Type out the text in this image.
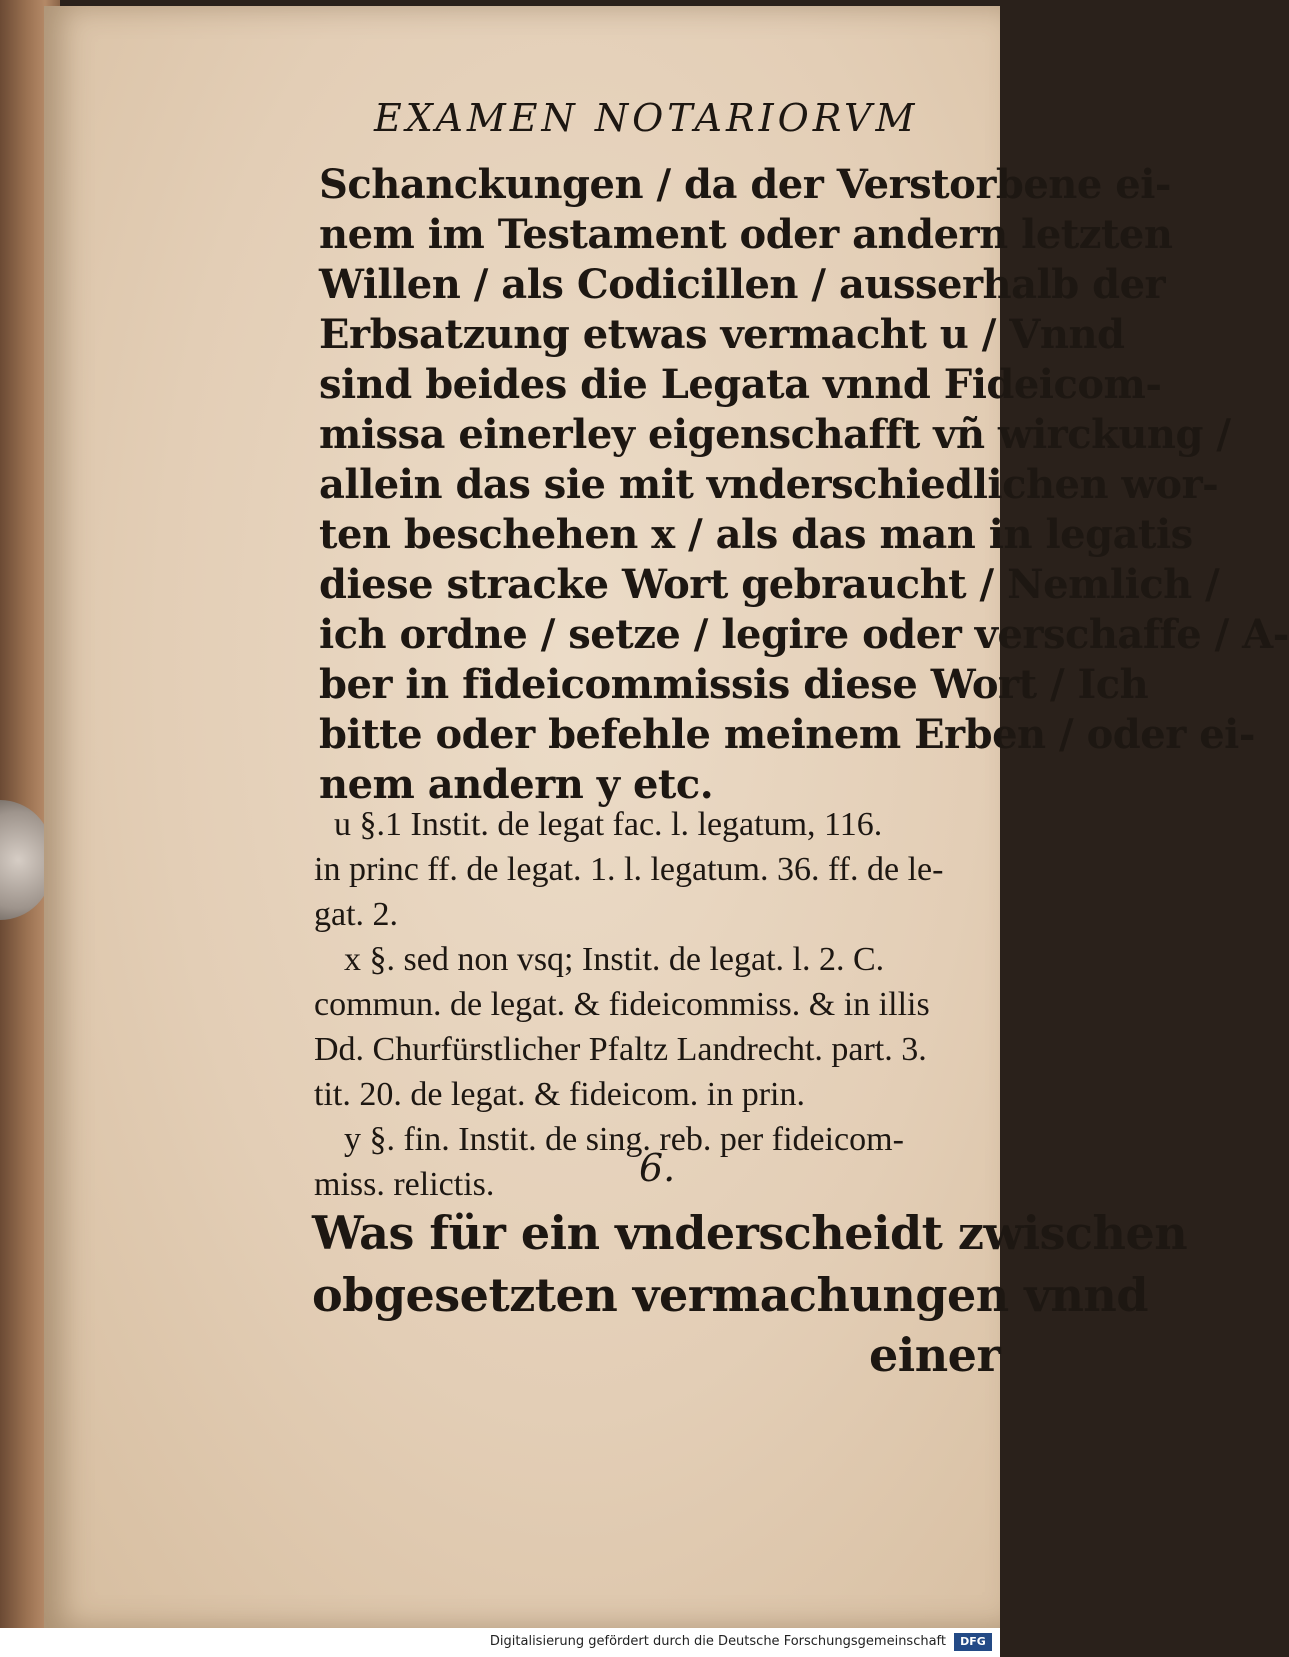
EXAMEN NOTARIORVM
Schanckungen / da der Verstorbene ei-
nem im Testament oder andern letzten
Willen / als Codicillen / ausserhalb der
Erbsatzung etwas vermacht u / Vnnd
sind beides die Legata vnnd Fideicom-
missa einerley eigenschafft vñ wirckung /
allein das sie mit vnderschiedlichen wor-
ten beschehen x / als das man in legatis
diese stracke Wort gebraucht / Nemlich /
ich ordne / setze / legire oder verschaffe / A-
ber in fideicommissis diese Wort / Ich
bitte oder befehle meinem Erben / oder ei-
nem andern y etc.
u §.1 Instit. de legat fac. l. legatum, 116.
in princ ff. de legat. 1. l. legatum. 36. ff. de le-
gat. 2.
x §. sed non vsq; Instit. de legat. l. 2. C.
commun. de legat. & fideicommiss. & in illis
Dd. Churfürstlicher Pfaltz Landrecht. part. 3.
tit. 20. de legat. & fideicom. in prin.
6.
Was für ein vnderscheidt zwischen
obgesetzten vermachungen vnnd
einer
y §. fin. Instit. de sing. reb. per fideicom-
miss. relictis.
Digitalisierung gefördert durch die Deutsche Forschungsgemeinschaft	DFG
